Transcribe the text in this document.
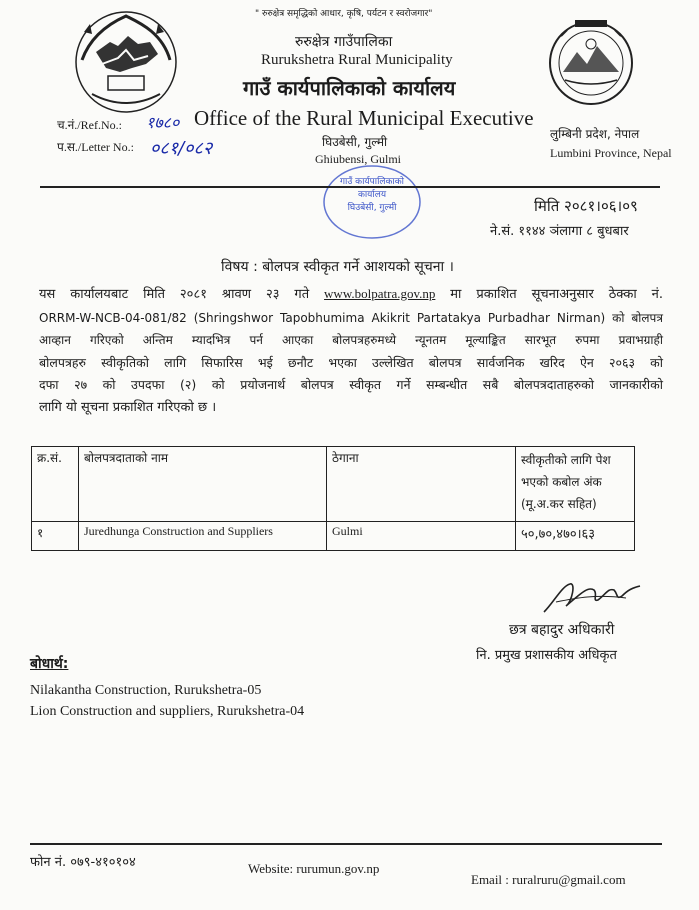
" रुरुक्षेत्र समृद्धिको आधार, कृषि, पर्यटन र स्वरोजगार"
रुरुक्षेत्र गाउँपालिका
Rurukshetra Rural Municipality
गाउँ कार्यपालिकाको कार्यालय
Office of the Rural Municipal Executive
घिउबेसी, गुल्मी
Ghiubensi, Gulmi
लुम्बिनी प्रदेश, नेपाल
Lumbini Province, Nepal
च.नं./Ref.No.: १७८०
प.स./Letter No.: ०८१/०८२
गाउँ कार्यपालिकाको
कार्यालय
घिउबेसी, गुल्मी	मिति २०८१।०६।०९
ने.सं. ११४४ ञंलागा ८ बुधबार
विषय : बोलपत्र स्वीकृत गर्ने आशयको सूचना ।
यस कार्यालयबाट मिति २०८१ श्रावण २३ गते www.bolpatra.gov.np मा प्रकाशित सूचनाअनुसार ठेक्का नं.
ORRM-W-NCB-04-081/82 (Shringshwor Tapobhumima Akikrit Partatakya Purbadhar Nirman) को बोलपत्र
आव्हान गरिएको अन्तिम म्यादभित्र पर्न आएका बोलपत्रहरुमध्ये न्यूनतम मूल्याङ्कित सारभूत रुपमा प्रवाभग्राही
बोलपत्रहरु स्वीकृतिको लागि सिफारिस भई छनौट भएका उल्लेखित बोलपत्र सार्वजनिक खरिद ऐन २०६३ को
दफा २७ को उपदफा (२) को प्रयोजनार्थ बोलपत्र स्वीकृत गर्ने सम्बन्धीत सबै बोलपत्रदाताहरुको जानकारीको
लागि यो सूचना प्रकाशित गरिएको छ ।
क्र.सं.	बोलपत्रदाताको नाम	ठेगाना	स्वीकृतीको लागि पेश भएको कबोल अंक (मू.अ.कर सहित)
१	Juredhunga Construction and Suppliers	Gulmi	५०,७०,४७०।६३
छत्र बहादुर अधिकारी
नि. प्रमुख प्रशासकीय अधिकृत
बोधार्थ:
Nilakantha Construction, Rurukshetra-05
Lion Construction and suppliers, Rurukshetra-04
फोन नं. ०७९-४१०१०४	Website: rurumun.gov.np
Email : ruralruru@gmail.com
